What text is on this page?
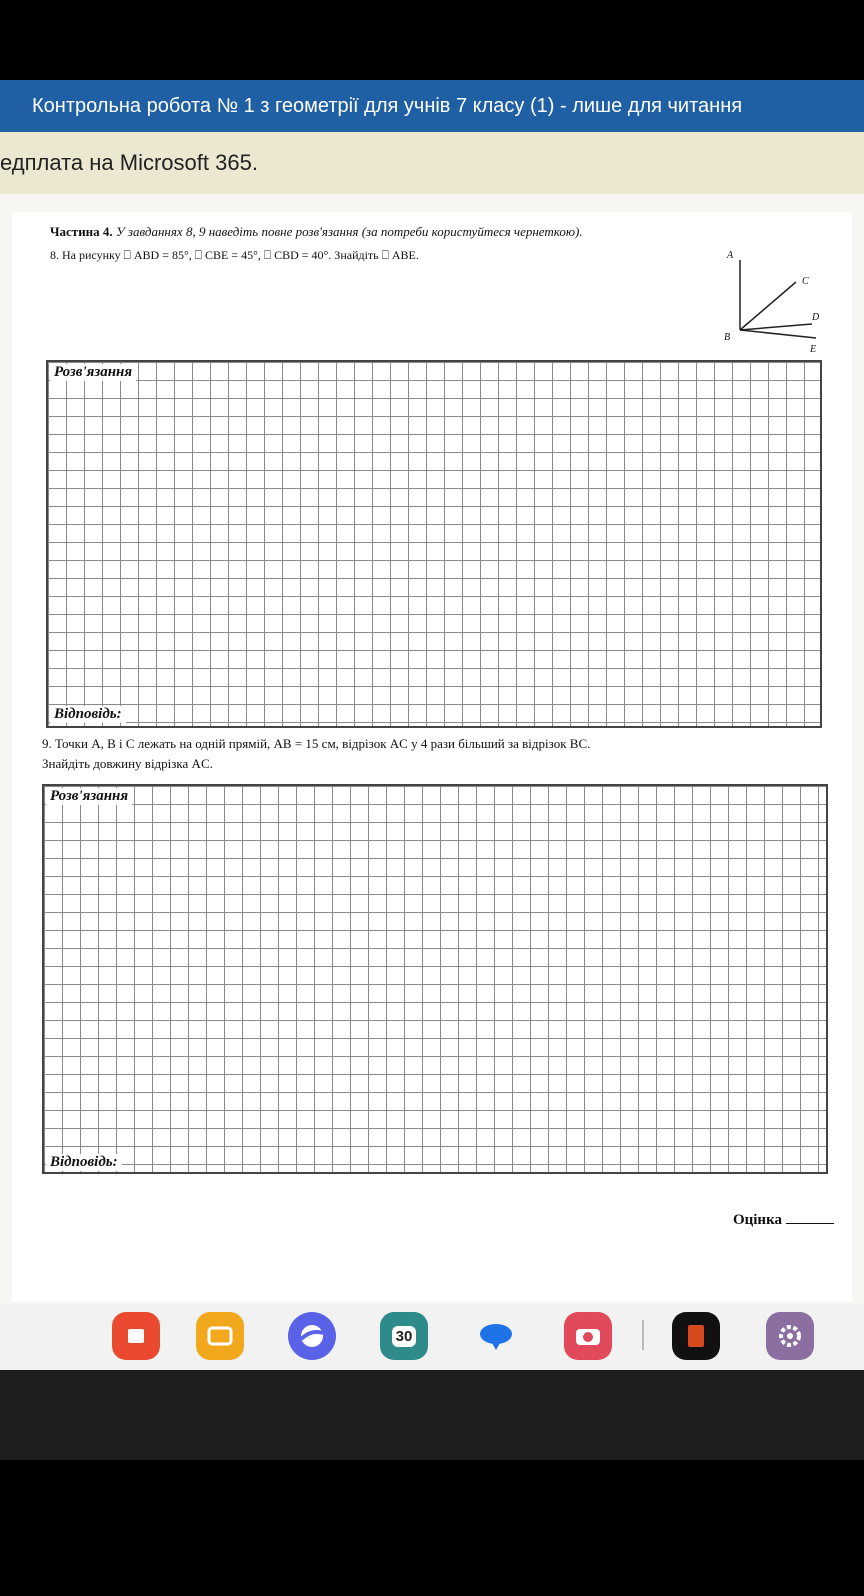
Контрольна робота № 1 з геометрії для учнів 7 класу (1) - лише для читання
едплата на Microsoft 365.
Частина 4. У завданнях 8, 9 наведіть повне розв'язання (за потреби користуйтеся чернеткою).
8. На рисунку ⎕ ABD = 85°, ⎕ CBE = 45°, ⎕ CBD = 40°. Знайдіть ⎕ ABE.	A
C
D
B
E
Розв'язання
Відповідь:
9. Точки A, B і C лежать на одній прямій, AB = 15 см, відрізок AC у 4 рази більший за відрізок BC.
Знайдіть довжину відрізка AC.
Розв'язання
Відповідь:
Оцінка
30
